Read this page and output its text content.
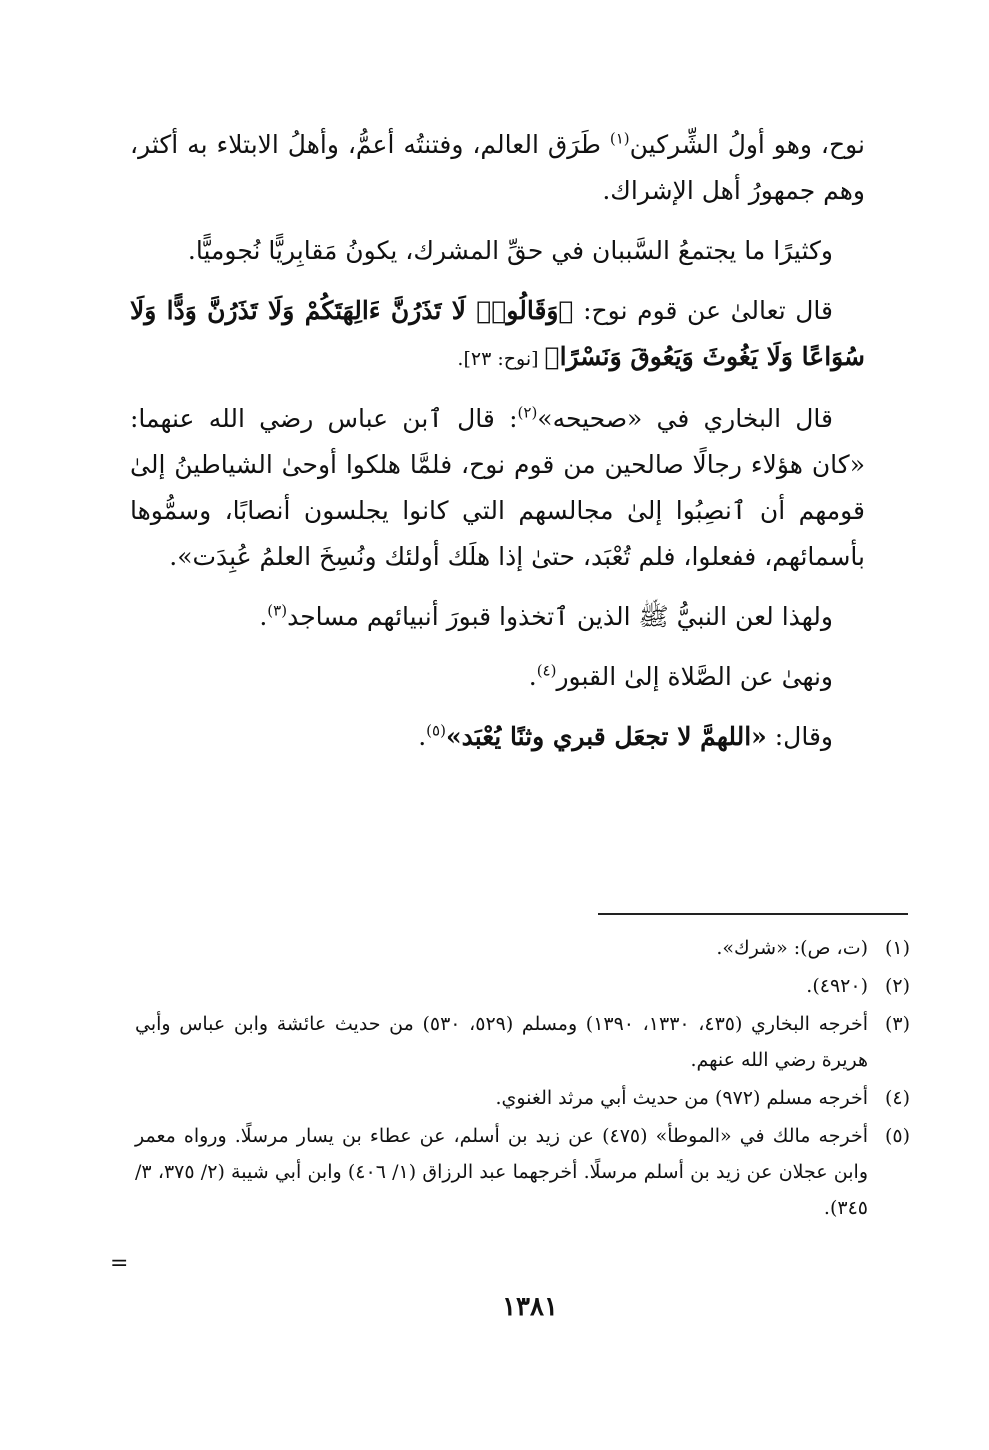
نوح، وهو أولُ الشِّركين$^{(١)}$ طَرَق العالم، وفتنتُه أعمُّ، وأهلُ الابتلاء به أكثر، وهم جمهورُ أهل الإشراك.

وكثيرًا ما يجتمعُ السَّببان في حقِّ المشرك، يكونُ مَقابِريًّا نُجوميًّا.

قال تعالىٰ عن قوم نوح: ﴿وَقَالُوا۟ لَا تَذَرُنَّ ءَالِهَتَكُمْ وَلَا تَذَرُنَّ وَدًّا وَلَا سُوَاعًا وَلَا يَغُوثَ وَيَعُوقَ وَنَسْرًا﴾ [نوح: ٢٣].

قال البخاري في «صحيحه»$^{(٢)}$: قال ٱبن عباس رضي الله عنهما: «كان هؤلاء رجالًا صالحين من قوم نوح، فلمَّا هلكوا أوحىٰ الشياطينُ إلىٰ قومهم أن ٱنصِبُوا إلىٰ مجالسهم التي كانوا يجلسون أنصابًا، وسمُّوها بأسمائهم، ففعلوا، فلم تُعْبَد، حتىٰ إذا هلَك أولئك ونُسِخَ العلمُ عُبِدَت».

ولهذا لعن النبيُّ ﷺ الذين ٱتخذوا قبورَ أنبيائهم مساجد$^{(٣)}$.

ونهىٰ عن الصَّلاة إلىٰ القبور$^{(٤)}$.

وقال: «اللهمَّ لا تجعَل قبري وثنًا يُعْبَد»$^{(٥)}$.

(١)
(ت، ص): «شرك».
(٢)
(٤٩٢٠).
(٣)
أخرجه البخاري (٤٣٥، ١٣٣٠، ١٣٩٠) ومسلم (٥٢٩، ٥٣٠) من حديث عائشة وابن عباس وأبي هريرة رضي الله عنهم.
(٤)
أخرجه مسلم (٩٧٢) من حديث أبي مرثد الغنوي.
(٥)
أخرجه مالك في «الموطأ» (٤٧٥) عن زيد بن أسلم، عن عطاء بن يسار مرسلًا. ورواه معمر وابن عجلان عن زيد بن أسلم مرسلًا. أخرجهما عبد الرزاق (١/ ٤٠٦) وابن أبي شيبة (٢/ ٣٧٥، ٣/ ٣٤٥).
=
١٣٨١
